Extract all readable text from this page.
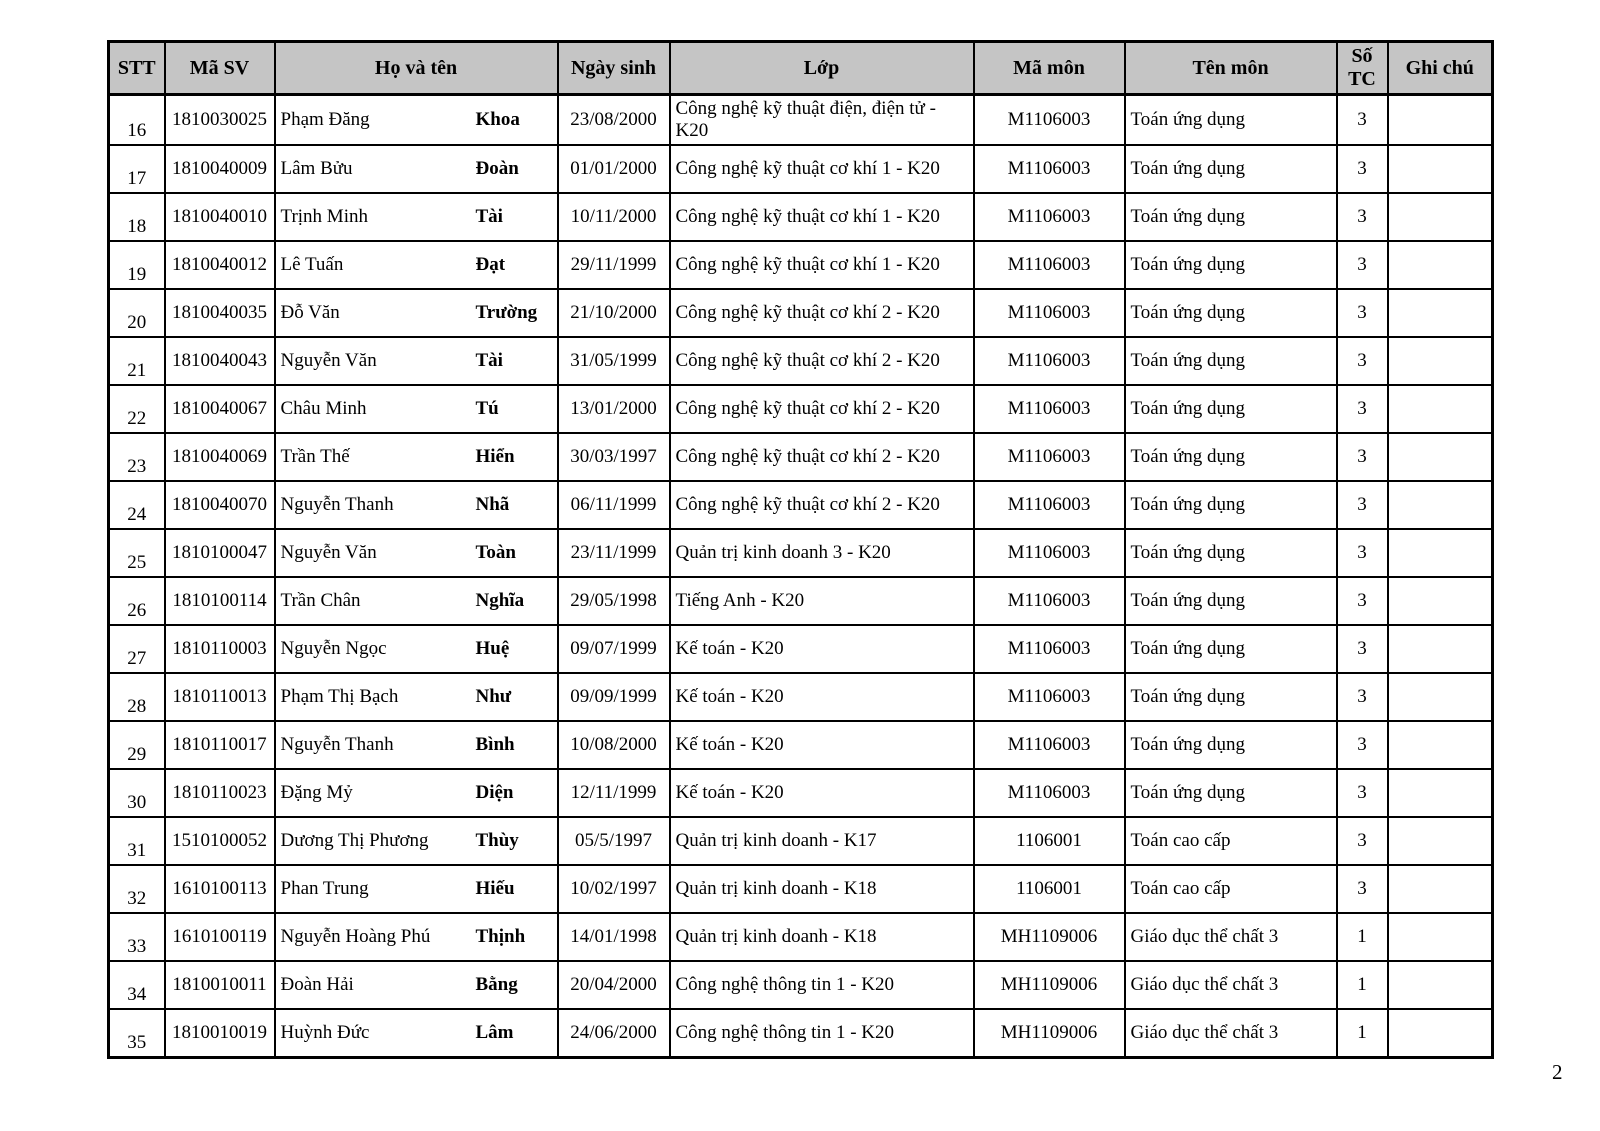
STT	Mã SV	Họ và tên	Ngày sinh	Lớp	Mã môn	Tên môn	Số TC	Ghi chú
16	1810030025	Phạm Đăng Khoa	23/08/2000	Công nghệ kỹ thuật điện, điện tử - K20	M1106003	Toán ứng dụng	3	
17	1810040009	Lâm Bửu Đoàn	01/01/2000	Công nghệ kỹ thuật cơ khí 1 - K20	M1106003	Toán ứng dụng	3	
18	1810040010	Trịnh Minh Tài	10/11/2000	Công nghệ kỹ thuật cơ khí 1 - K20	M1106003	Toán ứng dụng	3	
19	1810040012	Lê Tuấn Đạt	29/11/1999	Công nghệ kỹ thuật cơ khí 1 - K20	M1106003	Toán ứng dụng	3	
20	1810040035	Đỗ Văn Trường	21/10/2000	Công nghệ kỹ thuật cơ khí 2 - K20	M1106003	Toán ứng dụng	3	
21	1810040043	Nguyễn Văn Tài	31/05/1999	Công nghệ kỹ thuật cơ khí 2 - K20	M1106003	Toán ứng dụng	3	
22	1810040067	Châu Minh Tú	13/01/2000	Công nghệ kỹ thuật cơ khí 2 - K20	M1106003	Toán ứng dụng	3	
23	1810040069	Trần Thế Hiển	30/03/1997	Công nghệ kỹ thuật cơ khí 2 - K20	M1106003	Toán ứng dụng	3	
24	1810040070	Nguyễn Thanh Nhã	06/11/1999	Công nghệ kỹ thuật cơ khí 2 - K20	M1106003	Toán ứng dụng	3	
25	1810100047	Nguyễn Văn Toàn	23/11/1999	Quản trị kinh doanh 3 - K20	M1106003	Toán ứng dụng	3	
26	1810100114	Trần Chân Nghĩa	29/05/1998	Tiếng Anh - K20	M1106003	Toán ứng dụng	3	
27	1810110003	Nguyễn Ngọc Huệ	09/07/1999	Kế toán - K20	M1106003	Toán ứng dụng	3	
28	1810110013	Phạm Thị Bạch Như	09/09/1999	Kế toán - K20	M1106003	Toán ứng dụng	3	
29	1810110017	Nguyễn Thanh Bình	10/08/2000	Kế toán - K20	M1106003	Toán ứng dụng	3	
30	1810110023	Đặng Mỷ Diện	12/11/1999	Kế toán - K20	M1106003	Toán ứng dụng	3	
31	1510100052	Dương Thị Phương Thùy	05/5/1997	Quản trị kinh doanh - K17	1106001	Toán cao cấp	3	
32	1610100113	Phan Trung Hiếu	10/02/1997	Quản trị kinh doanh - K18	1106001	Toán cao cấp	3	
33	1610100119	Nguyễn Hoàng Phú Thịnh	14/01/1998	Quản trị kinh doanh - K18	MH1109006	Giáo dục thể chất 3	1	
34	1810010011	Đoàn Hải Bằng	20/04/2000	Công nghệ thông tin 1 - K20	MH1109006	Giáo dục thể chất 3	1	
35	1810010019	Huỳnh Đức Lâm	24/06/2000	Công nghệ thông tin 1 - K20	MH1109006	Giáo dục thể chất 3	1	
2
